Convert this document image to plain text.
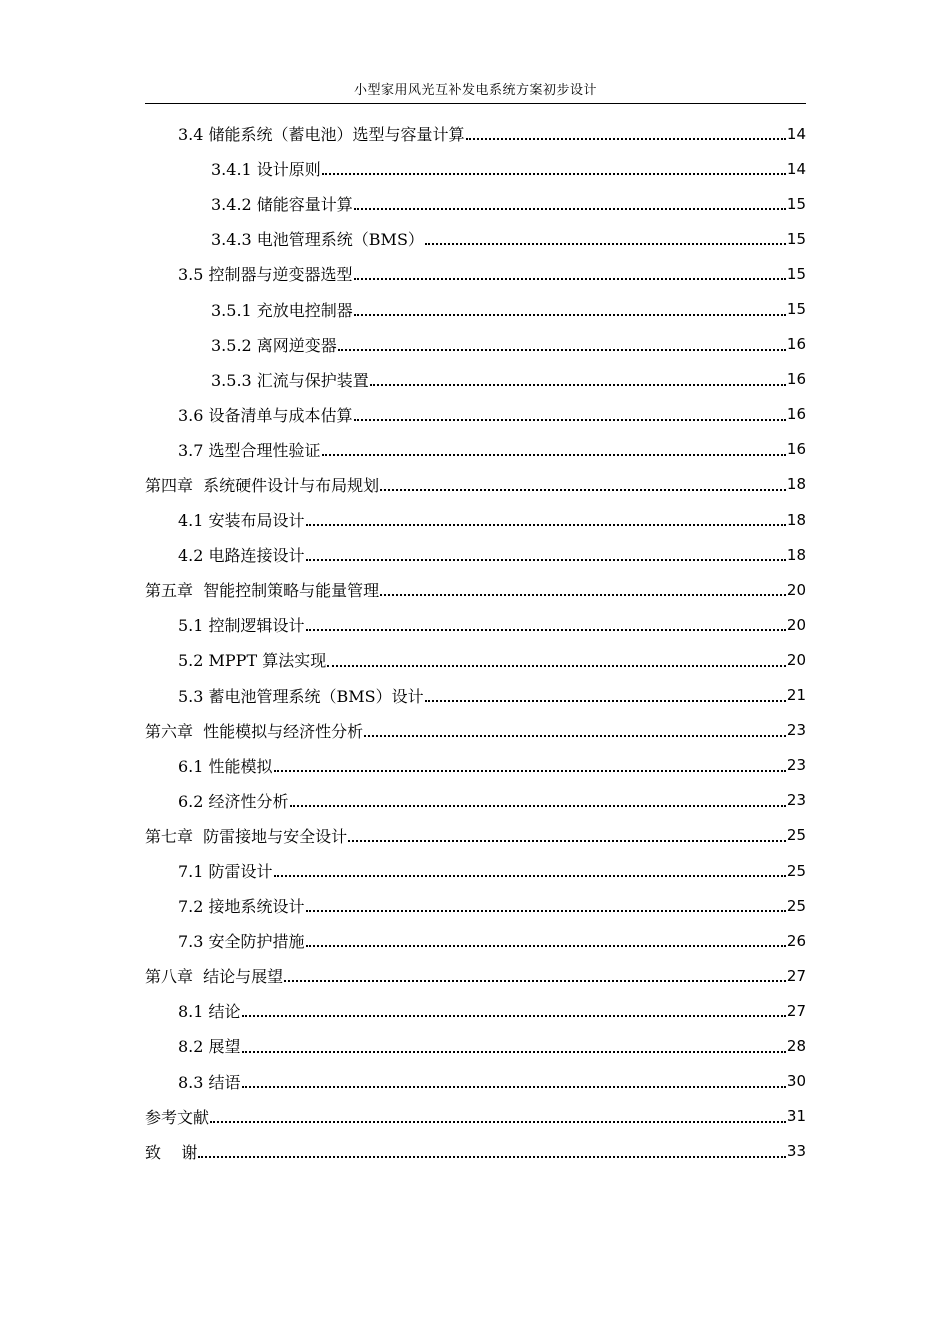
小型家用风光互补发电系统方案初步设计
3.4 储能系统（蓄电池）选型与容量计算	14
3.4.1 设计原则	14
3.4.2 储能容量计算	15
3.4.3 电池管理系统（BMS）	15
3.5 控制器与逆变器选型	15
3.5.1 充放电控制器	15
3.5.2 离网逆变器	16
3.5.3 汇流与保护装置	16
3.6 设备清单与成本估算	16
3.7 选型合理性验证	16
第四章  系统硬件设计与布局规划	18
4.1 安装布局设计	18
4.2 电路连接设计	18
第五章  智能控制策略与能量管理	20
5.1 控制逻辑设计	20
5.2 MPPT 算法实现	20
5.3 蓄电池管理系统（BMS）设计	21
第六章  性能模拟与经济性分析	23
6.1 性能模拟	23
6.2 经济性分析	23
第七章  防雷接地与安全设计	25
7.1 防雷设计	25
7.2 接地系统设计	25
7.3 安全防护措施	26
第八章  结论与展望	27
8.1 结论	27
8.2 展望	28
8.3 结语	30
参考文献	31
致    谢	33
